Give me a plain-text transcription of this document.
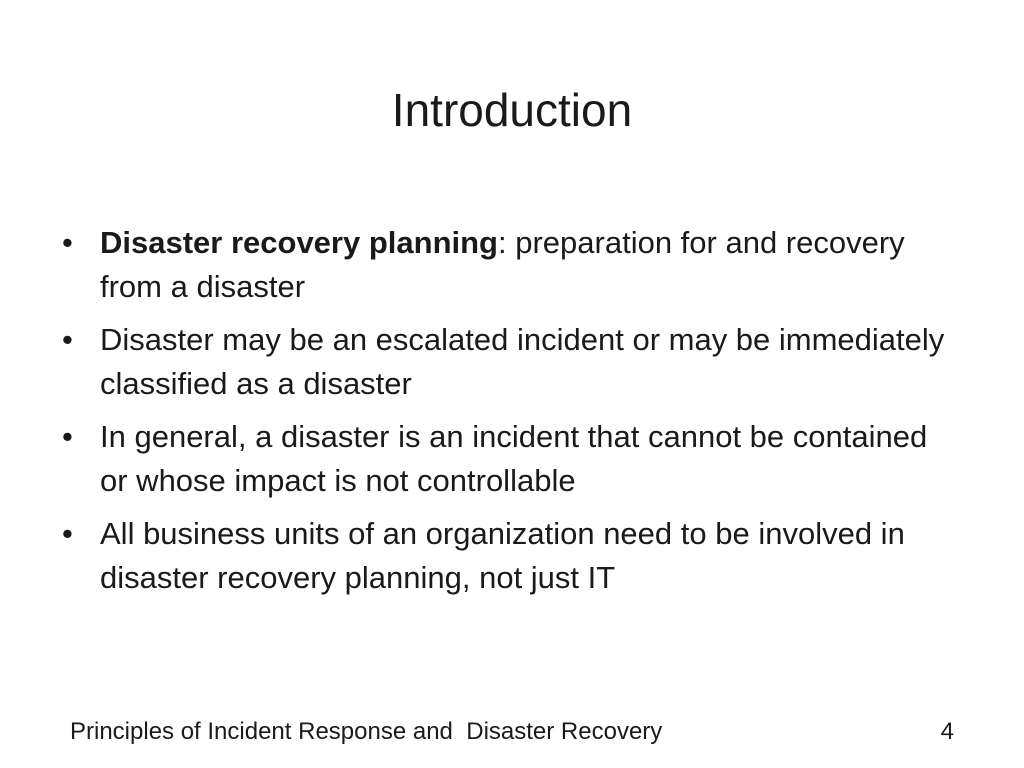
Introduction
• Disaster recovery planning: preparation for and recovery from a disaster
• Disaster may be an escalated incident or may be immediately classified as a disaster
• In general, a disaster is an incident that cannot be contained or whose impact is not controllable
• All business units of an organization need to be involved in disaster recovery planning, not just IT
Principles of Incident Response and  Disaster Recovery	4
